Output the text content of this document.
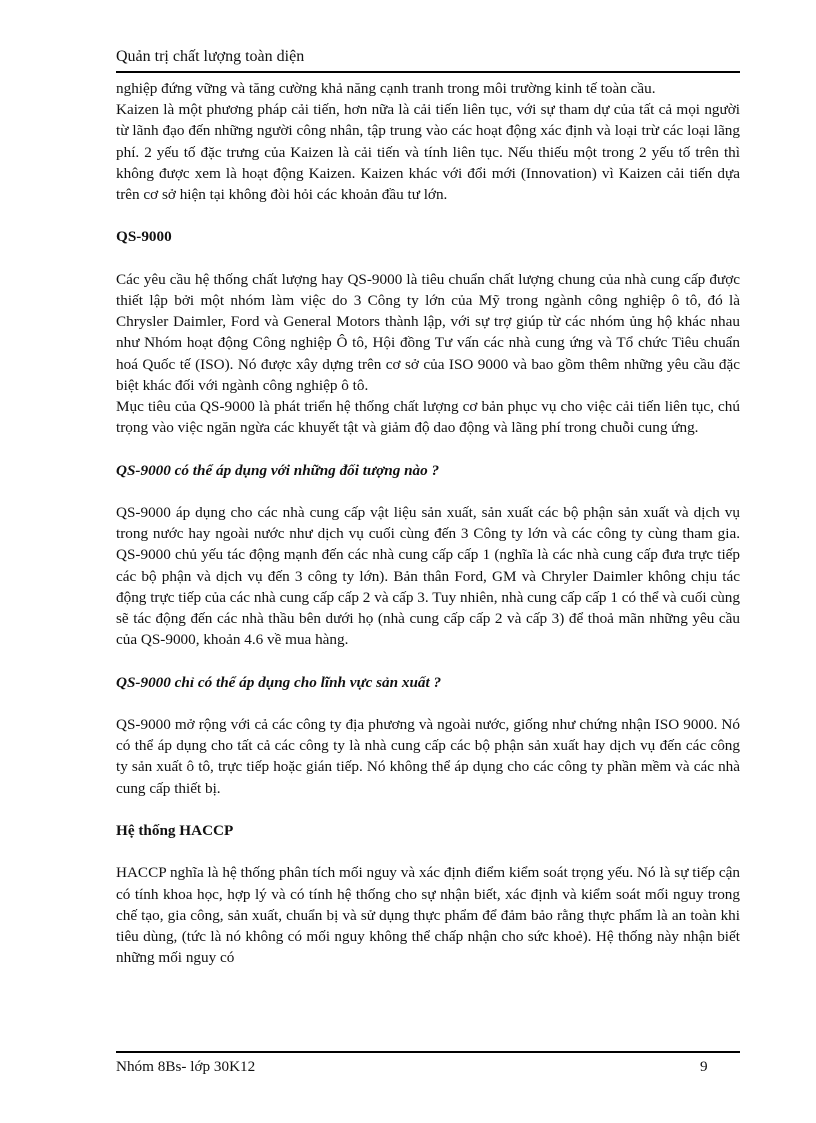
Quản trị chất lượng toàn diện

nghiệp đứng vững và tăng cường khả năng cạnh tranh trong môi trường kinh tế toàn cầu.

Kaizen là một phương pháp cải tiến, hơn nữa là cải tiến liên tục, với sự tham dự của tất cả mọi người từ lãnh đạo đến những người công nhân, tập trung vào các hoạt động xác định và loại trừ các loại lãng phí. 2 yếu tố đặc trưng của Kaizen là cải tiến và tính liên tục. Nếu thiếu một trong 2 yếu tố trên thì không được xem là hoạt động Kaizen. Kaizen khác với đổi mới (Innovation) vì Kaizen cải tiến dựa trên cơ sở hiện tại không đòi hỏi các khoản đầu tư lớn.

QS-9000

Các yêu cầu hệ thống chất lượng hay QS-9000 là tiêu chuẩn chất lượng chung của nhà cung cấp được thiết lập bởi một nhóm làm việc do 3 Công ty lớn của Mỹ trong ngành công nghiệp ô tô, đó là Chrysler Daimler, Ford và General Motors thành lập, với sự trợ giúp từ các nhóm ủng hộ khác nhau như Nhóm hoạt động Công nghiệp Ô tô, Hội đồng Tư vấn các nhà cung ứng và Tổ chức Tiêu chuẩn hoá Quốc tế (ISO). Nó được xây dựng trên cơ sở của ISO 9000 và bao gồm thêm những yêu cầu đặc biệt khác đối với ngành công nghiệp ô tô.

Mục tiêu của QS-9000 là phát triển hệ thống chất lượng cơ bản phục vụ cho việc cải tiến liên tục, chú trọng vào việc ngăn ngừa các khuyết tật và giảm độ dao động và lãng phí trong chuỗi cung ứng.

QS-9000 có thể áp dụng với những đối tượng nào ?

QS-9000 áp dụng cho các nhà cung cấp vật liệu sản xuất, sản xuất các bộ phận sản xuất và dịch vụ trong nước hay ngoài nước như dịch vụ cuối cùng đến 3 Công ty lớn và các công ty cùng tham gia. QS-9000 chủ yếu tác động mạnh đến các nhà cung cấp cấp 1 (nghĩa là các nhà cung cấp đưa trực tiếp các bộ phận và dịch vụ đến 3 công ty lớn). Bản thân Ford, GM và Chryler Daimler không chịu tác động trực tiếp của các nhà cung cấp cấp 2 và cấp 3. Tuy nhiên, nhà cung cấp cấp 1 có thể và cuối cùng sẽ tác động đến các nhà thầu bên dưới họ (nhà cung cấp cấp 2 và cấp 3) để thoả mãn những yêu cầu của QS-9000, khoản 4.6 về mua hàng.

QS-9000 chỉ có thể áp dụng cho lĩnh vực sản xuất ?

QS-9000 mở rộng với cả các công ty địa phương và ngoài nước, giống như chứng nhận ISO 9000. Nó có thể áp dụng cho tất cả các công ty là nhà cung cấp các bộ phận sản xuất hay dịch vụ đến các công ty sản xuất ô tô, trực tiếp hoặc gián tiếp. Nó không thể áp dụng cho các công ty phần mềm và các nhà cung cấp thiết bị.

Hệ thống HACCP

HACCP nghĩa là hệ thống phân tích mối nguy và xác định điểm kiểm soát trọng yếu. Nó là sự tiếp cận có tính khoa học, hợp lý và có tính hệ thống cho sự nhận biết, xác định và kiểm soát mối nguy trong chế tạo, gia công, sản xuất, chuẩn bị và sử dụng thực phẩm để đảm bảo rằng thực phẩm là an toàn khi tiêu dùng, (tức là nó không có mối nguy không thể chấp nhận cho sức khoẻ). Hệ thống này nhận biết những mối nguy có

Nhóm 8Bs- lớp 30K12	9
